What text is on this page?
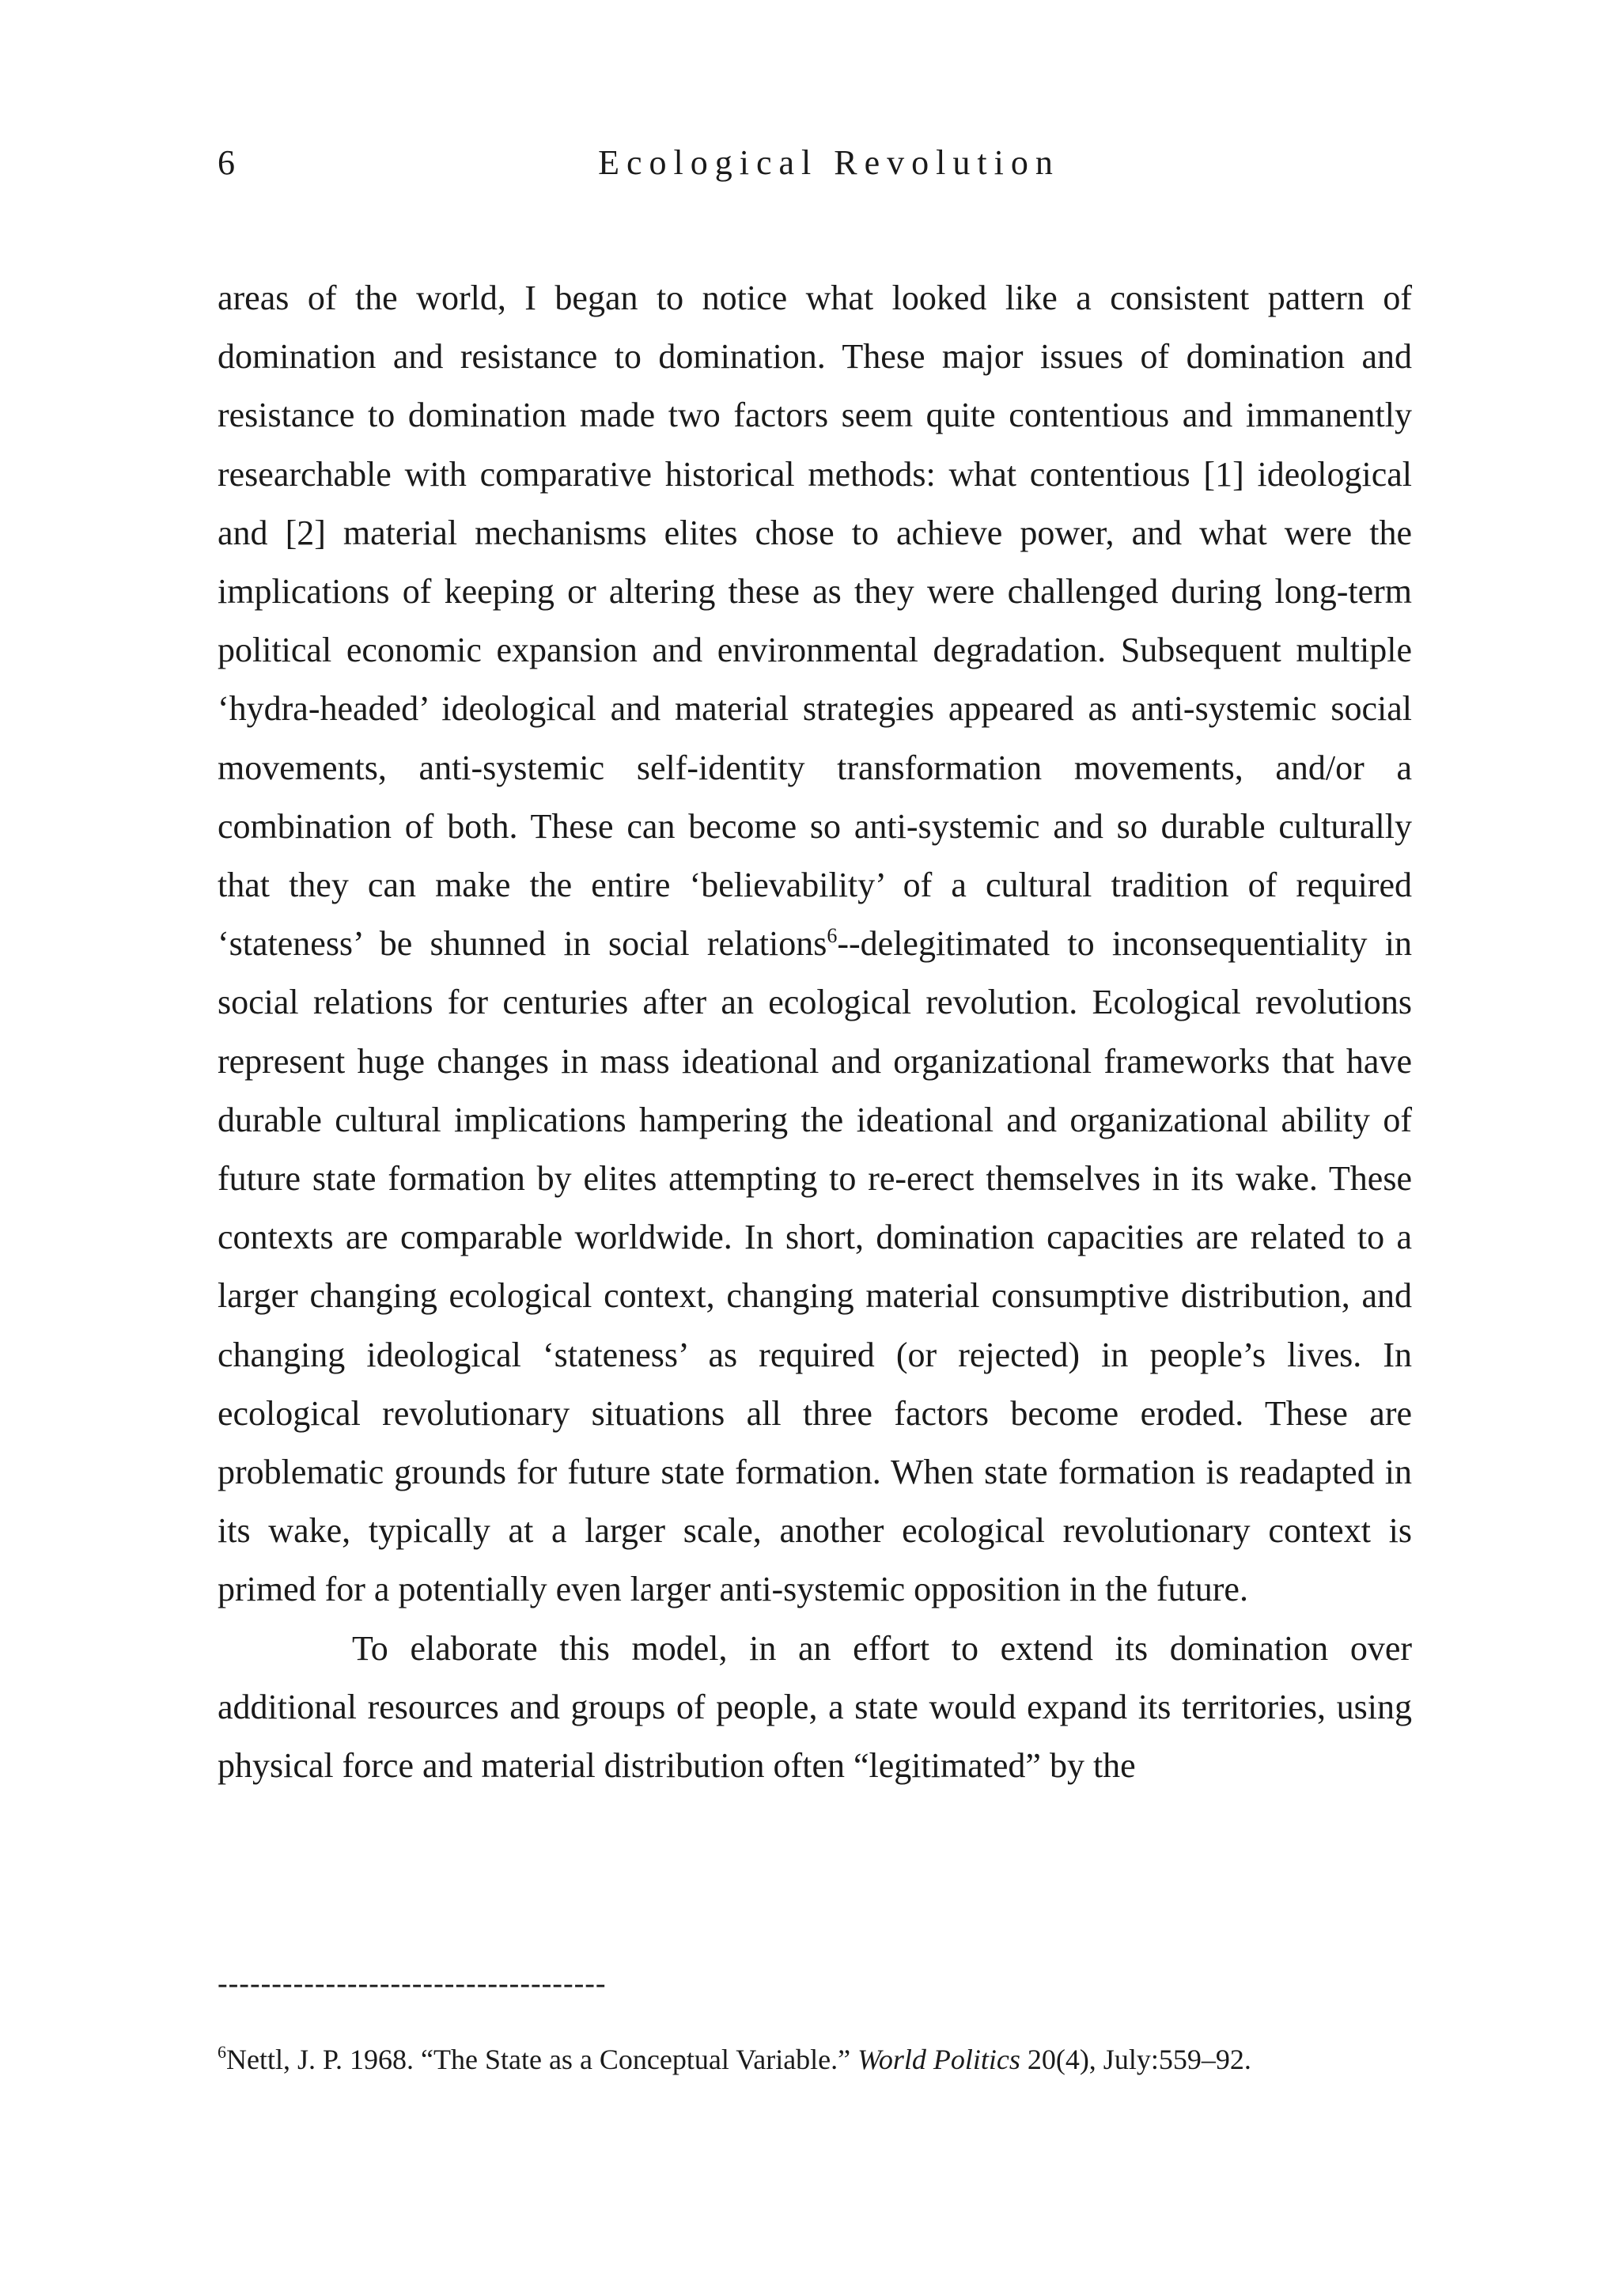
6	Ecological Revolution

areas of the world, I began to notice what looked like a consistent pattern of domination and resistance to domination. These major issues of domination and resistance to domination made two factors seem quite contentious and immanently researchable with comparative historical methods: what contentious [1] ideological and [2] material mechanisms elites chose to achieve power, and what were the implications of keeping or altering these as they were challenged during long-term political economic expansion and environmental degradation. Subsequent multiple ‘hydra-headed’ ideological and material strategies appeared as anti-systemic social movements, anti-systemic self-identity transformation movements, and/or a combination of both. These can become so anti-systemic and so durable culturally that they can make the entire ‘believability’ of a cultural tradition of required ‘stateness’ be shunned in social relations$^6$--delegitimated to inconsequentiality in social relations for centuries after an ecological revolution. Ecological revolutions represent huge changes in mass ideational and organizational frameworks that have durable cultural implications hampering the ideational and organizational ability of future state formation by elites attempting to re-erect themselves in its wake. These contexts are comparable worldwide. In short, domination capacities are related to a larger changing ecological context, changing material consumptive distribution, and changing ideological ‘stateness’ as required (or rejected) in people’s lives. In ecological revolutionary situations all three factors become eroded. These are problematic grounds for future state formation. When state formation is readapted in its wake, typically at a larger scale, another ecological revolutionary context is primed for a potentially even larger anti-systemic opposition in the future.

To elaborate this model, in an effort to extend its domination over additional resources and groups of people, a state would expand its territories, using physical force and material distribution often “legitimated” by the

------------------------------------
$^6$Nettl, J. P. 1968. “The State as a Conceptual Variable.” World Politics 20(4), July:559–92.
